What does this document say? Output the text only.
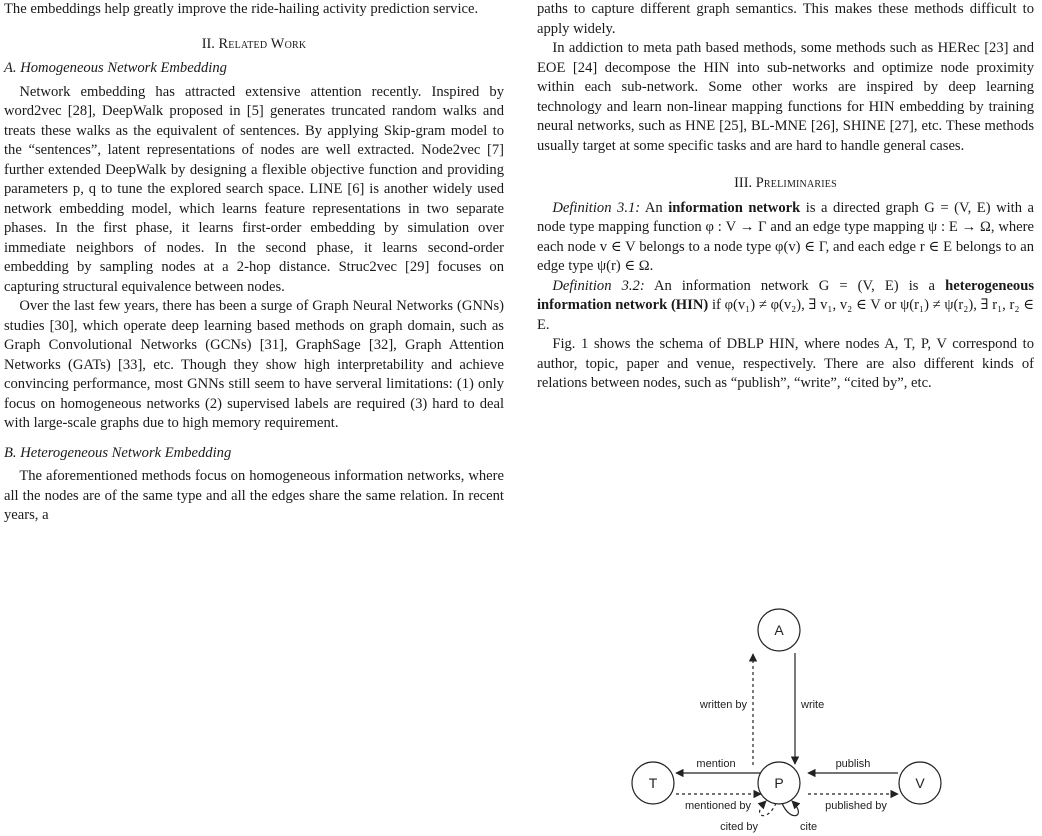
The embeddings help greatly improve the ride-hailing activity prediction service.

II. Related Work
A. Homogeneous Network Embedding

Network embedding has attracted extensive attention recently. Inspired by word2vec [28], DeepWalk proposed in [5] generates truncated random walks and treats these walks as the equivalent of sentences. By applying Skip-gram model to the “sentences”, latent representations of nodes are well extracted. Node2vec [7] further extended DeepWalk by designing a flexible objective function and providing parameters p, q to tune the explored search space. LINE [6] is another widely used network embedding model, which learns feature representations in two separate phases. In the first phase, it learns first-order embedding by simulation over immediate neighbors of nodes. In the second phase, it learns second-order embedding by sampling nodes at a 2-hop distance. Struc2vec [29] focuses on capturing structural equivalence between nodes.

Over the last few years, there has been a surge of Graph Neural Networks (GNNs) studies [30], which operate deep learning based methods on graph domain, such as Graph Convolutional Networks (GCNs) [31], GraphSage [32], Graph Attention Networks (GATs) [33], etc. Though they show high interpretability and achieve convincing performance, most GNNs still seem to have serveral limitations: (1) only focus on homogeneous networks (2) supervised labels are required (3) hard to deal with large-scale graphs due to high memory requirement.

B. Heterogeneous Network Embedding

The aforementioned methods focus on homogeneous information networks, where all the nodes are of the same type and all the edges share the same relation. In recent years, a

paths to capture different graph semantics. This makes these methods difficult to apply widely.

In addiction to meta path based methods, some methods such as HERec [23] and EOE [24] decompose the HIN into sub-networks and optimize node proximity within each sub-network. Some other works are inspired by deep learning technology and learn non-linear mapping functions for HIN embedding by training neural networks, such as HNE [25], BL-MNE [26], SHINE [27], etc. These methods usually target at some specific tasks and are hard to handle general cases.

III. Preliminaries

Definition 3.1: An information network is a directed graph G = (V, E) with a node type mapping function φ : V → Γ and an edge type mapping ψ : E → Ω, where each node v ∈ V belongs to a node type φ(v) ∈ Γ, and each edge r ∈ E belongs to an edge type ψ(r) ∈ Ω.

Definition 3.2: An information network G = (V, E) is a heterogeneous information network (HIN) if φ(v₁) ≠ φ(v₂), ∃ v₁, v₂ ∈ V or ψ(r₁) ≠ ψ(r₂), ∃ r₁, r₂ ∈ E.

Fig. 1 shows the schema of DBLP HIN, where nodes A, T, P, V correspond to author, topic, paper and venue, respectively. There are also different kinds of relations between nodes, such as “publish”, “write”, “cited by”, etc.

A
T	P	V
written by	write
mention	publish
mentioned by	published by
cited by	cite
